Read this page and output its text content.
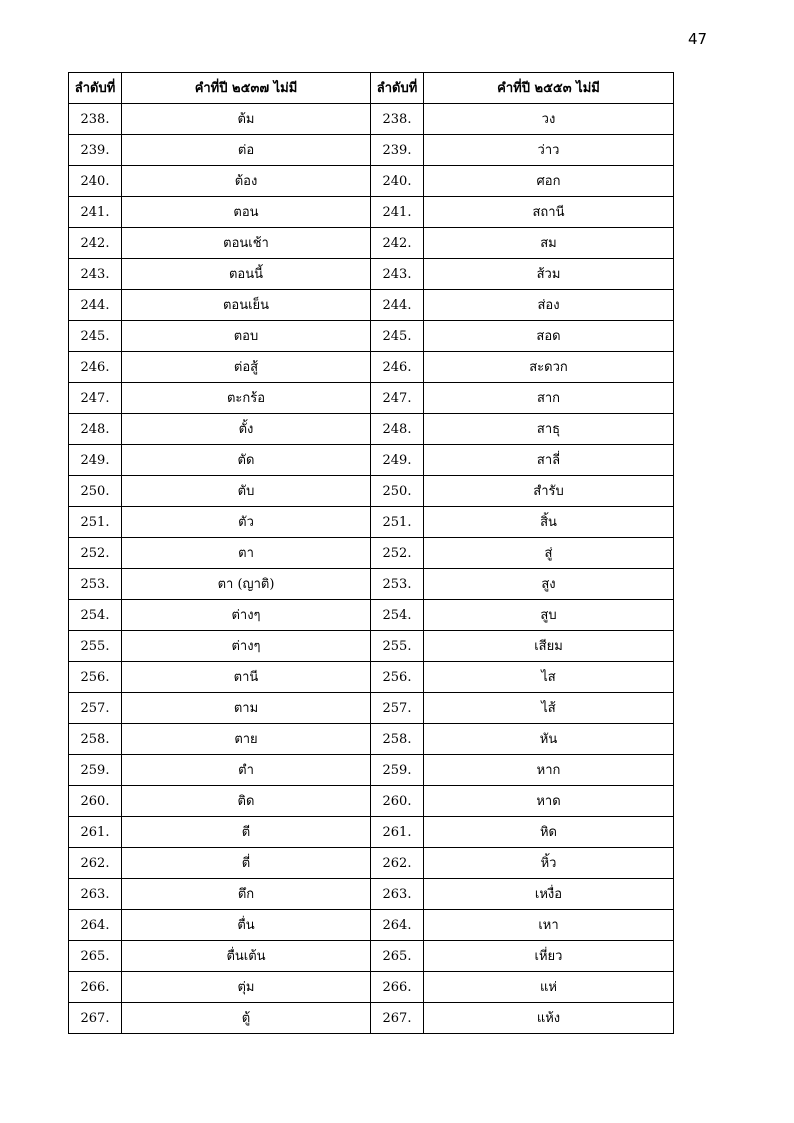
47
ลำดับที่	คำที่ปี ๒๕๓๗ ไม่มี	ลำดับที่	คำที่ปี ๒๕๕๓ ไม่มี
238.	ต้ม	238.	วง
239.	ต่อ	239.	ว่าว
240.	ต้อง	240.	ศอก
241.	ตอน	241.	สถานี
242.	ตอนเช้า	242.	สม
243.	ตอนนี้	243.	ส้วม
244.	ตอนเย็น	244.	ส่อง
245.	ตอบ	245.	สอด
246.	ต่อสู้	246.	สะดวก
247.	ตะกร้อ	247.	สาก
248.	ตั้ง	248.	สาธุ
249.	ตัด	249.	สาลี่
250.	ตับ	250.	สำรับ
251.	ตัว	251.	สิ้น
252.	ตา	252.	สู่
253.	ตา (ญาติ)	253.	สูง
254.	ต่างๆ	254.	สูบ
255.	ต่างๆ	255.	เสียม
256.	ตานี	256.	ไส
257.	ตาม	257.	ไส้
258.	ตาย	258.	หัน
259.	ตำ	259.	หาก
260.	ติด	260.	หาด
261.	ตี	261.	หิด
262.	ตี่	262.	หิ้ว
263.	ตึก	263.	เหงื่อ
264.	ตื่น	264.	เหา
265.	ตื่นเต้น	265.	เหี่ยว
266.	ตุ่ม	266.	แห่
267.	ตู้	267.	แห้ง
